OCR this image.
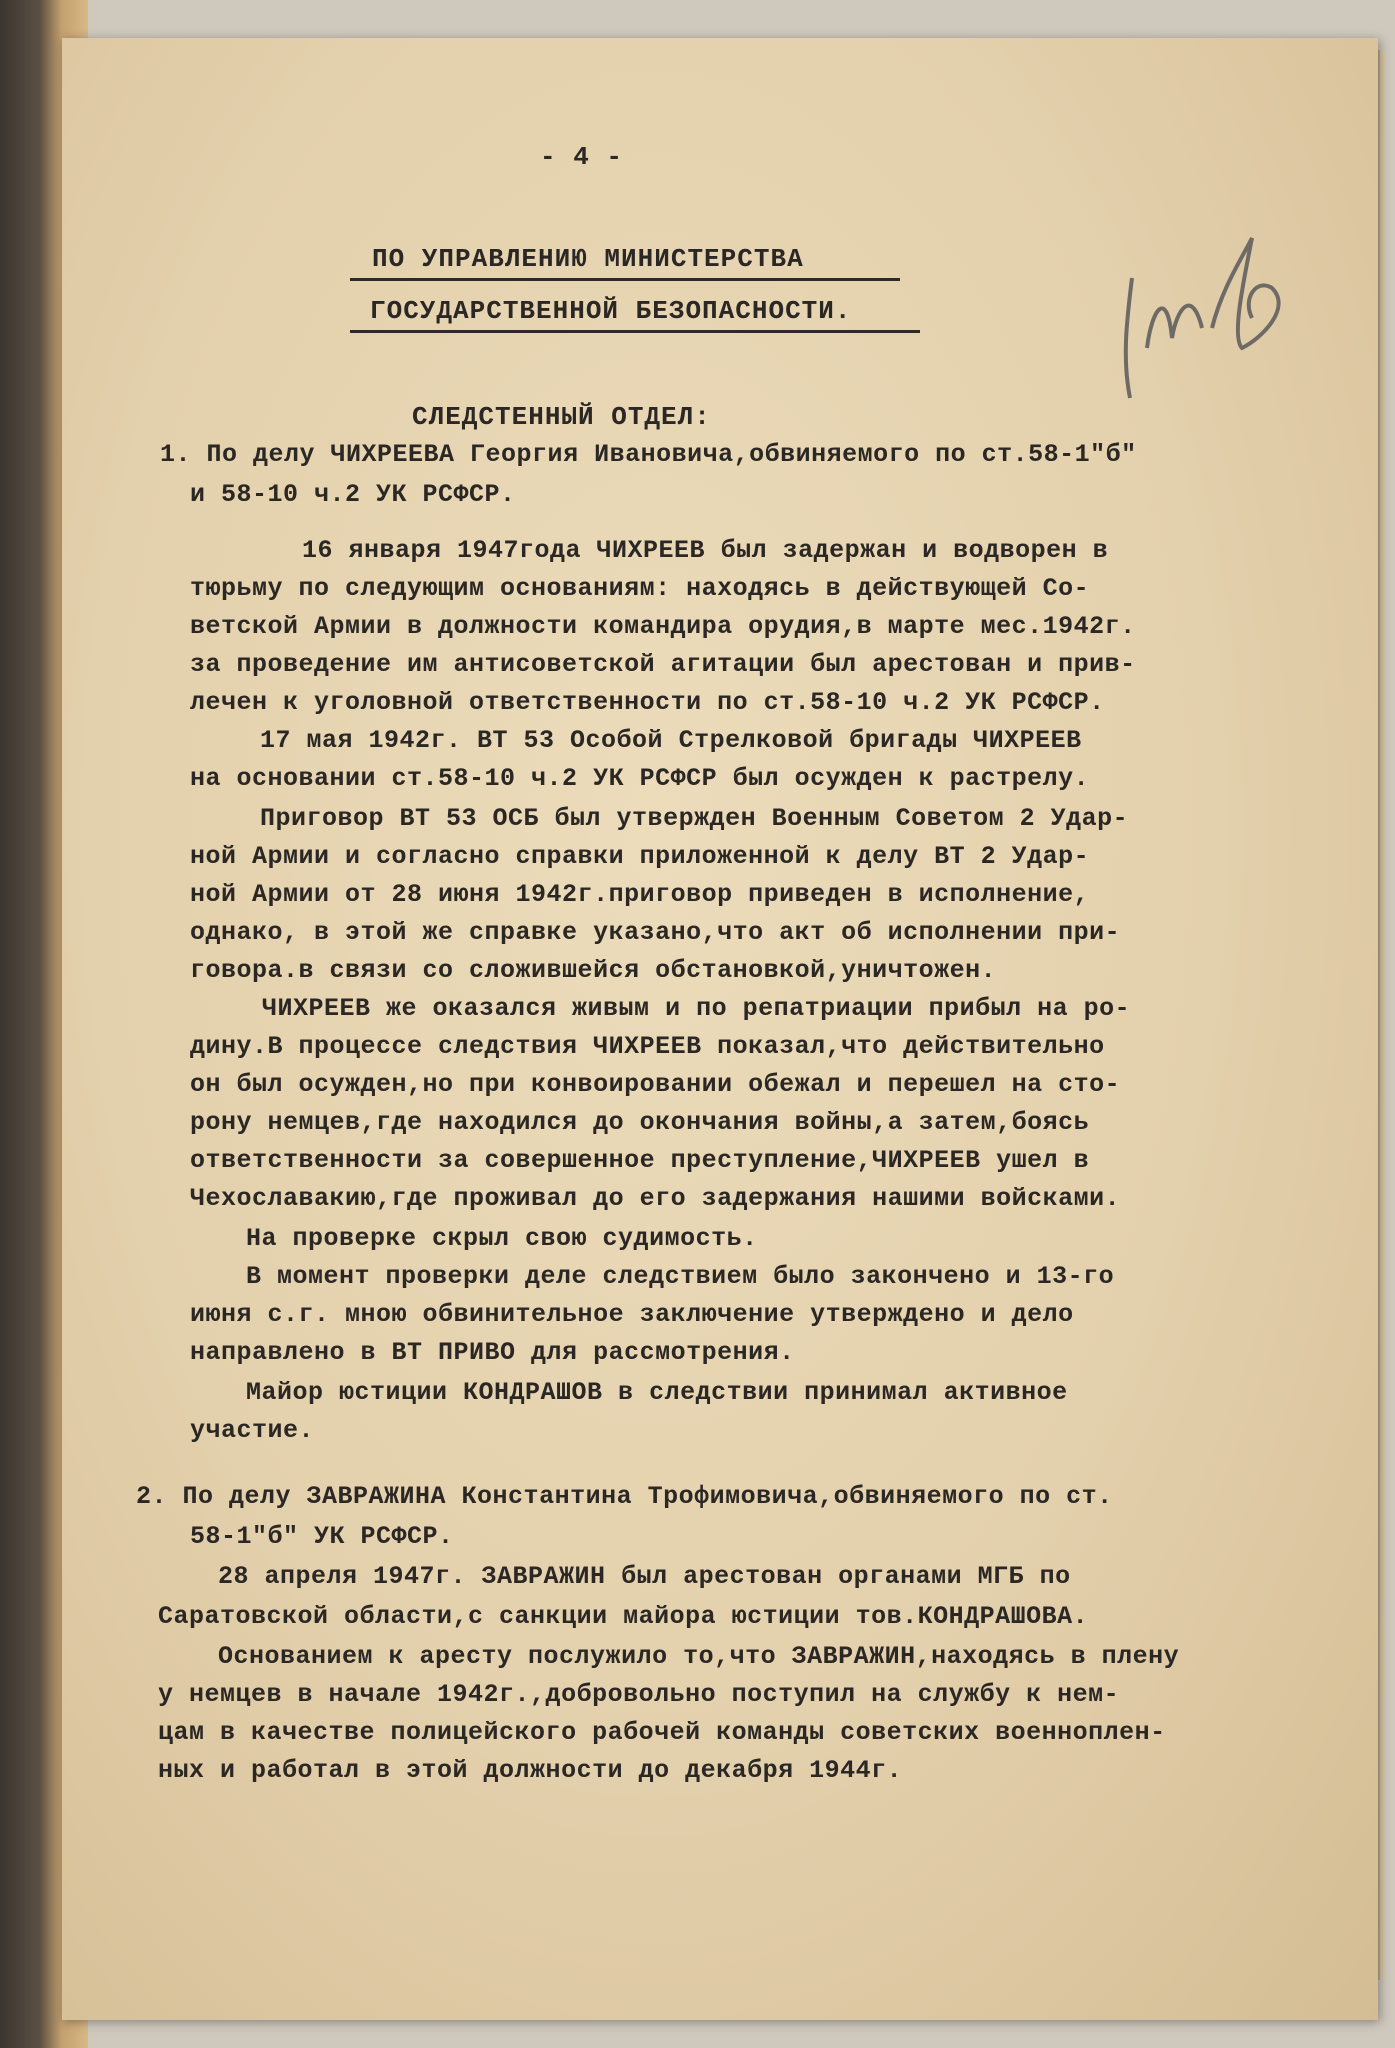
- 4 -
ПО УПРАВЛЕНИЮ МИНИСТЕРСТВА
ГОСУДАРСТВЕННОЙ БЕЗОПАСНОСТИ.
СЛЕДСТЕННЫЙ ОТДЕЛ:
1. По делу ЧИХРЕЕВА Георгия Ивановича,обвиняемого по ст.58-1"б"
и 58-10 ч.2 УК РСФСР.
16 января 1947года ЧИХРЕЕВ был задержан и водворен в
тюрьму по следующим основаниям: находясь в действующей Со-
ветской Армии в должности командира орудия,в марте мес.1942г.
за проведение им антисоветской агитации был арестован и прив-
лечен к уголовной ответственности по ст.58-10 ч.2 УК РСФСР.
17 мая 1942г. ВТ 53 Особой Стрелковой бригады ЧИХРЕЕВ
на основании ст.58-10 ч.2 УК РСФСР был осужден к растрелу.
Приговор ВТ 53 ОСБ был утвержден Военным Советом 2 Удар-
ной Армии и согласно справки приложенной к делу ВТ 2 Удар-
ной Армии от 28 июня 1942г.приговор приведен в исполнение,
однако, в этой же справке указано,что акт об исполнении при-
говора.в связи со сложившейся обстановкой,уничтожен.
ЧИХРЕЕВ же оказался живым и по репатриации прибыл на ро-
дину.В процессе следствия ЧИХРЕЕВ показал,что действительно
он был осужден,но при конвоировании обежал и перешел на сто-
рону немцев,где находился до окончания войны,а затем,боясь
ответственности за совершенное преступление,ЧИХРЕЕВ ушел в
Чехославакию,где проживал до его задержания нашими войсками.
На проверке скрыл свою судимость.
В момент проверки деле следствием было закончено и 13-го
июня с.г. мною обвинительное заключение утверждено и дело
направлено в ВТ ПРИВО для рассмотрения.
Майор юстиции КОНДРАШОВ в следствии принимал активное
участие.
2. По делу ЗАВРАЖИНА Константина Трофимовича,обвиняемого по ст.
58-1"б" УК РСФСР.
28 апреля 1947г. ЗАВРАЖИН был арестован органами МГБ по
Саратовской области,с санкции майора юстиции тов.КОНДРАШОВА.
Основанием к аресту послужило то,что ЗАВРАЖИН,находясь в плену
у немцев в начале 1942г.,добровольно поступил на службу к нем-
цам в качестве полицейского рабочей команды советских военноплен-
ных и работал в этой должности до декабря 1944г.
